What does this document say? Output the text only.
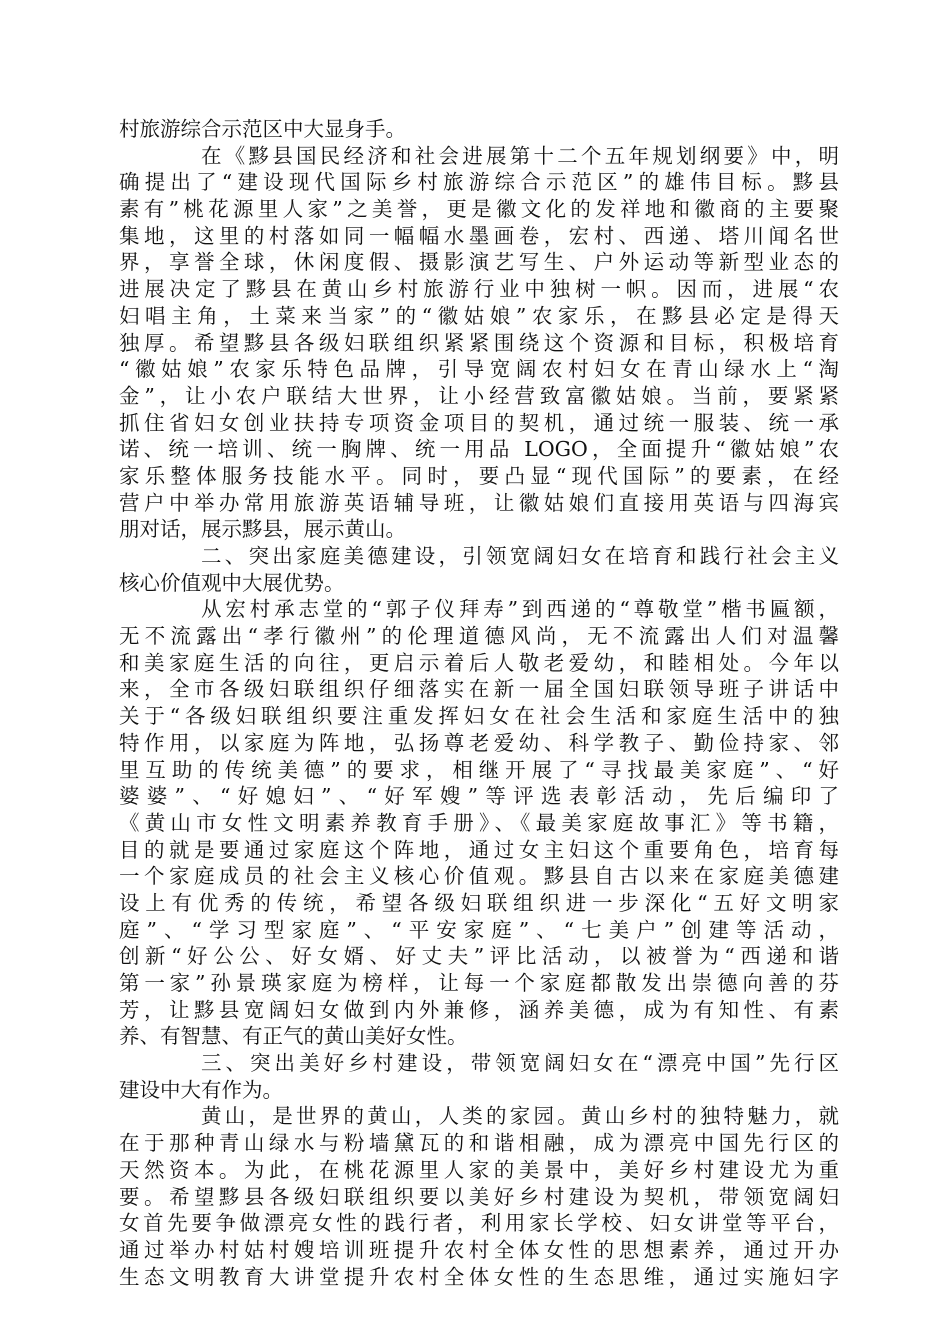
村旅游综合示范区中大显身手。
在《黟县国民经济和社会进展第十二个五年规划纲要》中，明
确提出了“建设现代国际乡村旅游综合示范区”的雄伟目标。黟县
素有”桃花源里人家”之美誉，更是徽文化的发祥地和徽商的主要聚
集地，这里的村落如同一幅幅水墨画卷，宏村、西递、塔川闻名世
界，享誉全球，休闲度假、摄影演艺写生、户外运动等新型业态的
进展决定了黟县在黄山乡村旅游行业中独树一帜。因而，进展“农
妇唱主角，土菜来当家”的“徽姑娘”农家乐，在黟县必定是得天
独厚。希望黟县各级妇联组织紧紧围绕这个资源和目标，积极培育
“徽姑娘”农家乐特色品牌，引导宽阔农村妇女在青山绿水上“淘
金”，让小农户联结大世界，让小经营致富徽姑娘。当前，要紧紧
抓住省妇女创业扶持专项资金项目的契机，通过统一服装、统一承
诺、统一培训、统一胸牌、统一用品 LOGO，全面提升“徽姑娘”农
家乐整体服务技能水平。同时，要凸显“现代国际”的要素，在经
营户中举办常用旅游英语辅导班，让徽姑娘们直接用英语与四海宾
朋对话，展示黟县，展示黄山。
二、突出家庭美德建设，引领宽阔妇女在培育和践行社会主义
核心价值观中大展优势。
从宏村承志堂的“郭子仪拜寿”到西递的“尊敬堂”楷书匾额，
无不流露出“孝行徽州”的伦理道德风尚，无不流露出人们对温馨
和美家庭生活的向往，更启示着后人敬老爱幼，和睦相处。今年以
来，全市各级妇联组织仔细落实在新一届全国妇联领导班子讲话中
关于“各级妇联组织要注重发挥妇女在社会生活和家庭生活中的独
特作用，以家庭为阵地，弘扬尊老爱幼、科学教子、勤俭持家、邻
里互助的传统美德”的要求，相继开展了“寻找最美家庭”、“好
婆婆”、“好媳妇”、“好军嫂”等评选表彰活动，先后编印了
《黄山市女性文明素养教育手册》、《最美家庭故事汇》等书籍，
目的就是要通过家庭这个阵地，通过女主妇这个重要角色，培育每
一个家庭成员的社会主义核心价值观。黟县自古以来在家庭美德建
设上有优秀的传统，希望各级妇联组织进一步深化“五好文明家
庭”、“学习型家庭”、“平安家庭”、“七美户”创建等活动，
创新“好公公、好女婿、好丈夫”评比活动，以被誉为“西递和谐
第一家”孙景瑛家庭为榜样，让每一个家庭都散发出崇德向善的芬
芳，让黟县宽阔妇女做到内外兼修，涵养美德，成为有知性、有素
养、有智慧、有正气的黄山美好女性。
三、突出美好乡村建设，带领宽阔妇女在“漂亮中国”先行区
建设中大有作为。
黄山，是世界的黄山，人类的家园。黄山乡村的独特魅力，就
在于那种青山绿水与粉墙黛瓦的和谐相融，成为漂亮中国先行区的
天然资本。为此，在桃花源里人家的美景中，美好乡村建设尤为重
要。希望黟县各级妇联组织要以美好乡村建设为契机，带领宽阔妇
女首先要争做漂亮女性的践行者，利用家长学校、妇女讲堂等平台，
通过举办村姑村嫂培训班提升农村全体女性的思想素养，通过开办
生态文明教育大讲堂提升农村全体女性的生态思维，通过实施妇字
